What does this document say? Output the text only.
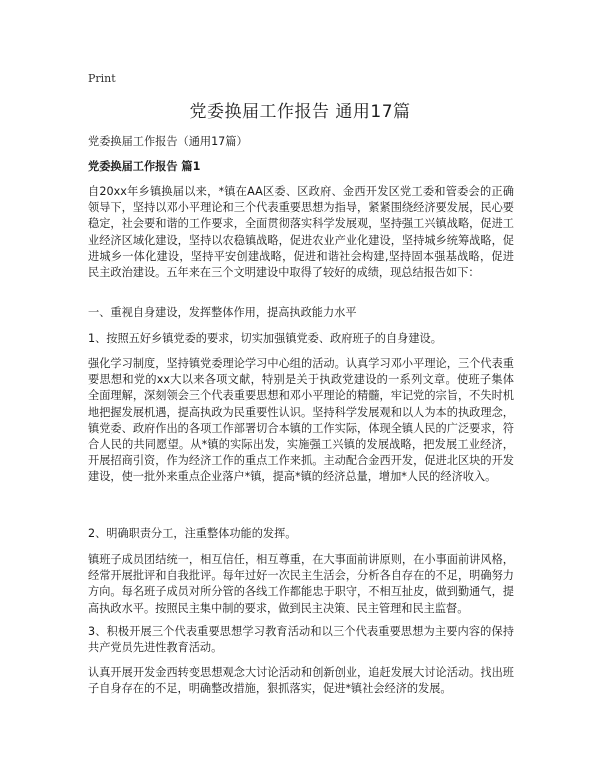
Print
党委换届工作报告 通用17篇

党委换届工作报告（通用17篇）

党委换届工作报告 篇1

自20xx年乡镇换届以来，*镇在AA区委、区政府、金西开发区党工委和管委会的正确领导下，坚持以邓小平理论和三个代表重要思想为指导，紧紧围绕经济要发展，民心要稳定，社会要和谐的工作要求，全面贯彻落实科学发展观，坚持强工兴镇战略，促进工业经济区域化建设，坚持以农稳镇战略，促进农业产业化建设，坚持城乡统筹战略，促进城乡一体化建设，坚持平安创建战略，促进和谐社会构建,坚持固本强基战略，促进民主政治建设。五年来在三个文明建设中取得了较好的成绩，现总结报告如下：

一、重视自身建设，发挥整体作用，提高执政能力水平

1、按照五好乡镇党委的要求，切实加强镇党委、政府班子的自身建设。

强化学习制度，坚持镇党委理论学习中心组的活动。认真学习邓小平理论，三个代表重要思想和党的xx大以来各项文献，特别是关于执政党建设的一系列文章。使班子集体全面理解，深刻领会三个代表重要思想和邓小平理论的精髓，牢记党的宗旨，不失时机地把握发展机遇，提高执政为民重要性认识。坚持科学发展观和以人为本的执政理念，镇党委、政府作出的各项工作部署切合本镇的工作实际，体现全镇人民的广泛要求，符合人民的共同愿望。从*镇的实际出发，实施强工兴镇的发展战略，把发展工业经济，开展招商引资，作为经济工作的重点工作来抓。主动配合金西开发，促进北区块的开发建设，使一批外来重点企业落户*镇，提高*镇的经济总量，增加*人民的经济收入。

2、明确职责分工，注重整体功能的发挥。

镇班子成员团结统一，相互信任，相互尊重，在大事面前讲原则，在小事面前讲风格，经常开展批评和自我批评。每年过好一次民主生活会，分析各自存在的不足，明确努力方向。每名班子成员对所分管的各线工作都能忠于职守，不相互扯皮，做到勤通气，提高执政水平。按照民主集中制的要求，做到民主决策、民主管理和民主监督。

3、积极开展三个代表重要思想学习教育活动和以三个代表重要思想为主要内容的保持共产党员先进性教育活动。

认真开展开发金西转变思想观念大讨论活动和创新创业，追赶发展大讨论活动。找出班子自身存在的不足，明确整改措施，狠抓落实，促进*镇社会经济的发展。
